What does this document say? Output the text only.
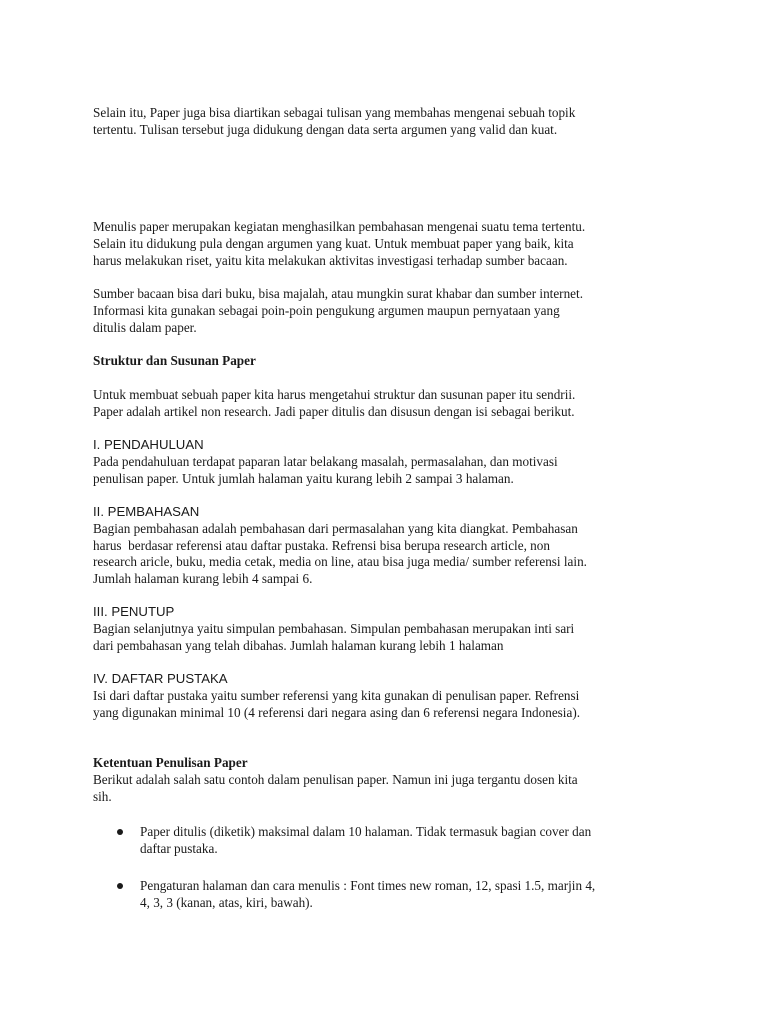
Selain itu, Paper juga bisa diartikan sebagai tulisan yang membahas mengenai sebuah topik
tertentu. Tulisan tersebut juga didukung dengan data serta argumen yang valid dan kuat.

Menulis paper merupakan kegiatan menghasilkan pembahasan mengenai suatu tema tertentu.
Selain itu didukung pula dengan argumen yang kuat. Untuk membuat paper yang baik, kita
harus melakukan riset, yaitu kita melakukan aktivitas investigasi terhadap sumber bacaan.

Sumber bacaan bisa dari buku, bisa majalah, atau mungkin surat khabar dan sumber internet.
Informasi kita gunakan sebagai poin-poin pengukung argumen maupun pernyataan yang
ditulis dalam paper.

Struktur dan Susunan Paper

Untuk membuat sebuah paper kita harus mengetahui struktur dan susunan paper itu sendrii.
Paper adalah artikel non research. Jadi paper ditulis dan disusun dengan isi sebagai berikut.

I. PENDAHULUAN
Pada pendahuluan terdapat paparan latar belakang masalah, permasalahan, dan motivasi
penulisan paper. Untuk jumlah halaman yaitu kurang lebih 2 sampai 3 halaman.
II. PEMBAHASAN
Bagian pembahasan adalah pembahasan dari permasalahan yang kita diangkat. Pembahasan
harus  berdasar referensi atau daftar pustaka. Refrensi bisa berupa research article, non
research aricle, buku, media cetak, media on line, atau bisa juga media/ sumber referensi lain.
Jumlah halaman kurang lebih 4 sampai 6.
III. PENUTUP
Bagian selanjutnya yaitu simpulan pembahasan. Simpulan pembahasan merupakan inti sari
dari pembahasan yang telah dibahas. Jumlah halaman kurang lebih 1 halaman
IV. DAFTAR PUSTAKA
Isi dari daftar pustaka yaitu sumber referensi yang kita gunakan di penulisan paper. Refrensi
yang digunakan minimal 10 (4 referensi dari negara asing dan 6 referensi negara Indonesia).
Ketentuan Penulisan Paper
Berikut adalah salah satu contoh dalam penulisan paper. Namun ini juga tergantu dosen kita
sih.
Paper ditulis (diketik) maksimal dalam 10 halaman. Tidak termasuk bagian cover dan
daftar pustaka.
Pengaturan halaman dan cara menulis : Font times new roman, 12, spasi 1.5, marjin 4,
4, 3, 3 (kanan, atas, kiri, bawah).
